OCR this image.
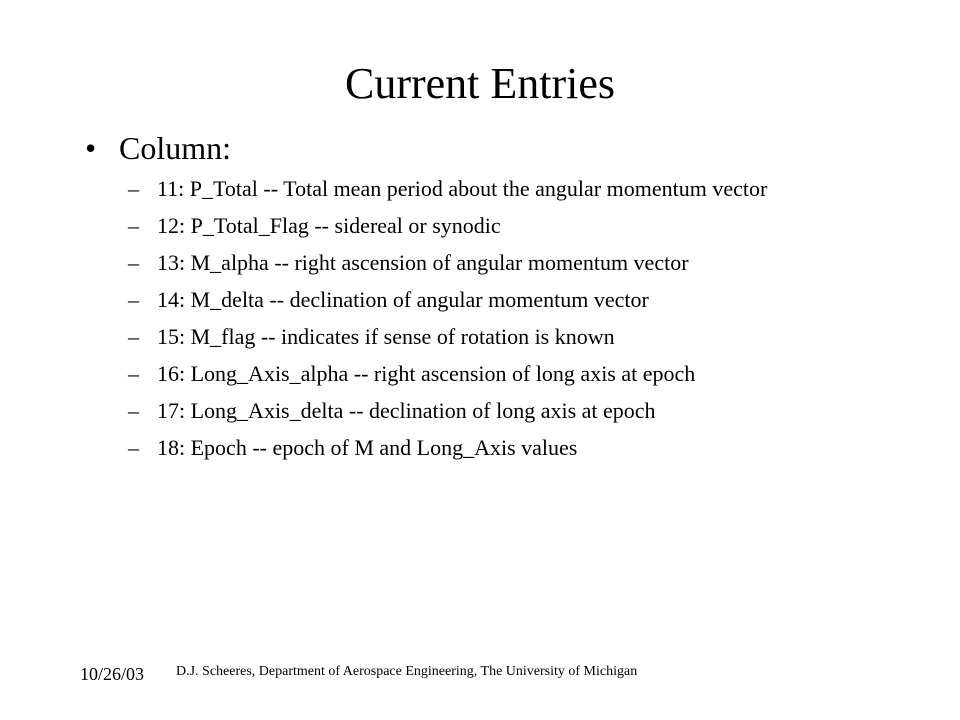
Current Entries
• Column:
– 11: P_Total -- Total mean period about the angular momentum vector
– 12: P_Total_Flag -- sidereal or synodic
– 13: M_alpha -- right ascension of angular momentum vector
– 14: M_delta -- declination of angular momentum vector
– 15: M_flag -- indicates if sense of rotation is known
– 16: Long_Axis_alpha -- right ascension of long axis at epoch
– 17: Long_Axis_delta -- declination of long axis at epoch
– 18: Epoch -- epoch of M and Long_Axis values
10/26/03 D.J. Scheeres, Department of Aerospace Engineering, The University of Michigan
